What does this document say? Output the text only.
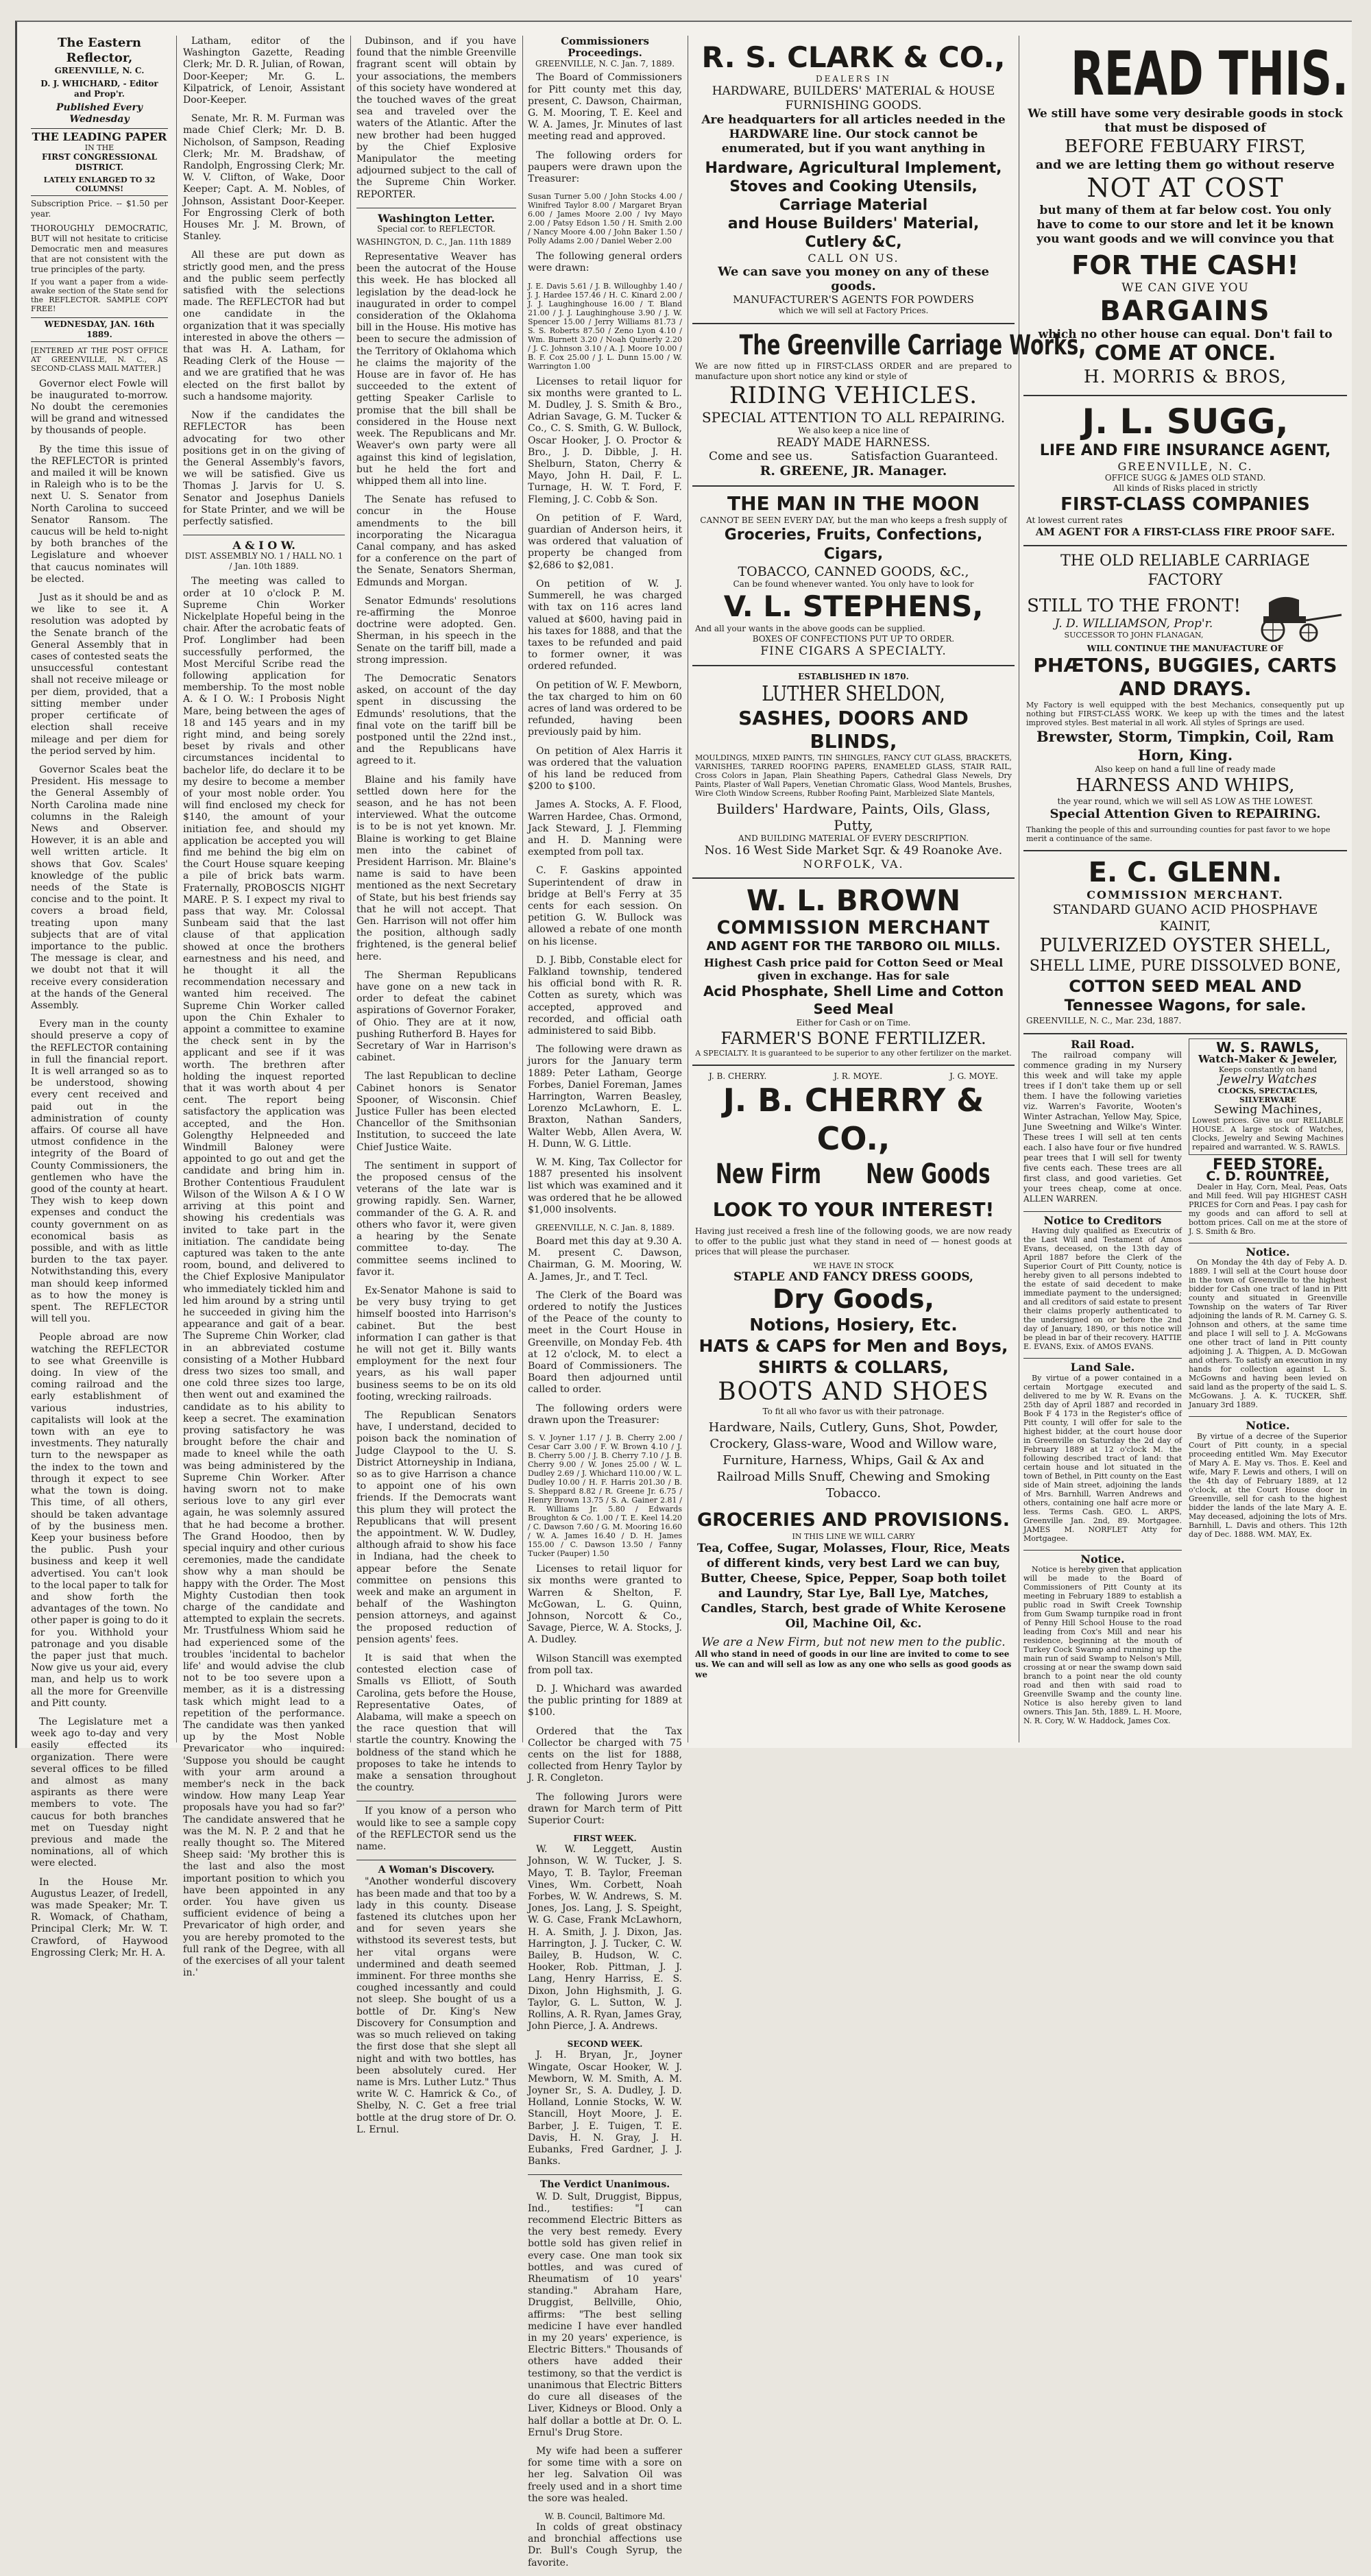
The Eastern Reflector,
GREENVILLE, N. C.
D. J. WHICHARD, - Editor and Prop'r.
Published Every Wednesday
THE LEADING PAPER
IN THE
FIRST CONGRESSIONAL DISTRICT.
LATELY ENLARGED TO 32 COLUMNS!
Subscription Price. -- $1.50 per year.
THOROUGHLY DEMOCRATIC, BUT will not hesitate to criticise Democratic men and measures that are not consistent with the true principles of the party.
If you want a paper from a wide-awake section of the State send for the REFLECTOR. SAMPLE COPY FREE!
WEDNESDAY, JAN. 16th 1889.
[ENTERED AT THE POST OFFICE AT GREENVILLE, N. C., AS SECOND-CLASS MAIL MATTER.]

Governor elect Fowle will be inaugurated to-morrow. No doubt the ceremonies will be grand and witnessed by thousands of people.

By the time this issue of the REFLECTOR is printed and mailed it will be known in Raleigh who is to be the next U. S. Senator from North Carolina to succeed Senator Ransom. The caucus will be held to-night by both branches of the Legislature and whoever that caucus nominates will be elected.

Just as it should be and as we like to see it. A resolution was adopted by the Senate branch of the General Assembly that in cases of contested seats the unsuccessful contestant shall not receive mileage or per diem, provided, that a sitting member under proper certificate of election shall receive mileage and per diem for the period served by him.

Governor Scales beat the President. His message to the General Assembly of North Carolina made nine columns in the Raleigh News and Observer. However, it is an able and well written article. It shows that Gov. Scales' knowledge of the public needs of the State is concise and to the point. It covers a broad field, treating upon many subjects that are of vital importance to the public. The message is clear, and we doubt not that it will receive every consideration at the hands of the General Assembly.

Every man in the county should preserve a copy of the REFLECTOR containing in full the financial report. It is well arranged so as to be understood, showing every cent received and paid out in the administration of county affairs. Of course all have utmost confidence in the integrity of the Board of County Commissioners, the gentlemen who have the good of the county at heart. They wish to keep down expenses and conduct the county government on as economical basis as possible, and with as little burden to the tax payer. Notwithstanding this, every man should keep informed as to how the money is spent. The REFLECTOR will tell you.

People abroad are now watching the REFLECTOR to see what Greenville is doing. In view of the coming railroad and the early establishment of various industries, capitalists will look at the town with an eye to investments. They naturally turn to the newspaper as the index to the town and through it expect to see what the town is doing. This time, of all others, should be taken advantage of by the business men. Keep your business before the public. Push your business and keep it well advertised. You can't look to the local paper to talk for and show forth the advantages of the town. No other paper is going to do it for you. Withhold your patronage and you disable the paper just that much. Now give us your aid, every man, and help us to work all the more for Greenville and Pitt county.

The Legislature met a week ago to-day and very easily effected its organization. There were several offices to be filled and almost as many aspirants as there were members to vote. The caucus for both branches met on Tuesday night previous and made the nominations, all of which were elected.

In the House Mr. Augustus Leazer, of Iredell, was made Speaker; Mr. T. R. Womack, of Chatham, Principal Clerk; Mr. W. T. Crawford, of Haywood Engrossing Clerk; Mr. H. A.

Latham, editor of the Washington Gazette, Reading Clerk; Mr. D. R. Julian, of Rowan, Door-Keeper; Mr. G. L. Kilpatrick, of Lenoir, Assistant Door-Keeper.

Senate, Mr. R. M. Furman was made Chief Clerk; Mr. D. B. Nicholson, of Sampson, Reading Clerk; Mr. M. Bradshaw, of Randolph, Engrossing Clerk; Mr. W. V. Clifton, of Wake, Door Keeper; Capt. A. M. Nobles, of Johnson, Assistant Door-Keeper. For Engrossing Clerk of both Houses Mr. J. M. Brown, of Stanley.

All these are put down as strictly good men, and the press and the public seem perfectly satisfied with the selections made. The REFLECTOR had but one candidate in the organization that it was specially interested in above the others — that was H. A. Latham, for Reading Clerk of the House — and we are gratified that he was elected on the first ballot by such a handsome majority.

Now if the candidates the REFLECTOR has been advocating for two other positions get in on the giving of the General Assembly's favors, we will be satisfied. Give us Thomas J. Jarvis for U. S. Senator and Josephus Daniels for State Printer, and we will be perfectly satisfied.

A & I O W.
DIST. ASSEMBLY NO. 1 / HALL NO. 1 / Jan. 10th 1889.

The meeting was called to order at 10 o'clock P. M. Supreme Chin Worker Nickelplate Hopeful being in the chair. After the acrobatic feats of Prof. Longlimber had been successfully performed, the Most Merciful Scribe read the following application for membership. To the most noble A. & I O. W.: I Probosis Night Mare, being between the ages of 18 and 145 years and in my right mind, and being sorely beset by rivals and other circumstances incidental to bachelor life, do declare it to be my desire to become a member of your most noble order. You will find enclosed my check for $140, the amount of your initiation fee, and should my application be accepted you will find me behind the big elm on the Court House square keeping a pile of brick bats warm. Fraternally, PROBOSCIS NIGHT MARE. P. S. I expect my rival to pass that way. Mr. Colossal Sunbeam said that the last clause of that application showed at once the brothers earnestness and his need, and he thought it all the recommendation necessary and wanted him received. The Supreme Chin Worker called upon the Chin Exhaler to appoint a committee to examine the check sent in by the applicant and see if it was worth. The brethren after holding the inquest reported that it was worth about 4 per cent. The report being satisfactory the application was accepted, and the Hon. Golengthy Helpneeded and Windmill Baloney were appointed to go out and get the candidate and bring him in. Brother Contentious Fraudulent Wilson of the Wilson A & I O W arriving at this point and showing his credentials was invited to take part in the initiation. The candidate being captured was taken to the ante room, bound, and delivered to the Chief Explosive Manipulator who immediately tickled him and led him around by a string until he succeeded in giving him the appearance and gait of a bear. The Supreme Chin Worker, clad in an abbreviated costume consisting of a Mother Hubbard dress two sizes too small, and one cold three sizes too large, then went out and examined the candidate as to his ability to keep a secret. The examination proving satisfactory he was brought before the chair and made to kneel while the oath was being administered by the Supreme Chin Worker. After having sworn not to make serious love to any girl ever again, he was solemnly assured that he had become a brother. The Grand Hoodoo, then by special inquiry and other curious ceremonies, made the candidate show why a man should be happy with the Order. The Most Mighty Custodian then took charge of the candidate and attempted to explain the secrets. Mr. Trustfulness Whiom said he had experienced some of the troubles 'incidental to bachelor life' and would advise the club not to be too severe upon a member, as it is a distressing task which might lead to a repetition of the performance. The candidate was then yanked up by the Most Noble Prevaricator who inquired: 'Suppose you should be caught with your arm around a member's neck in the back window. How many Leap Year proposals have you had so far?' The candidate answered that he was the M. N. P. 2 and that he really thought so. The Mitered Sheep said: 'My brother this is the last and also the most important position to which you have been appointed in any order. You have given us sufficient evidence of being a Prevaricator of high order, and you are hereby promoted to the full rank of the Degree, with all of the exercises of all your talent in.'

Dubinson, and if you have found that the nimble Greenville fragrant scent will obtain by your associations, the members of this society have wondered at the touched waves of the great sea and traveled over the waters of the Atlantic. After the new brother had been hugged by the Chief Explosive Manipulator the meeting adjourned subject to the call of the Supreme Chin Worker. REPORTER.

Washington Letter.
Special cor. to REFLECTOR.
WASHINGTON, D. C., Jan. 11th 1889

Representative Weaver has been the autocrat of the House this week. He has blocked all legislation by the dead-lock he inaugurated in order to compel consideration of the Oklahoma bill in the House. His motive has been to secure the admission of the Territory of Oklahoma which he claims the majority of the House are in favor of. He has succeeded to the extent of getting Speaker Carlisle to promise that the bill shall be considered in the House next week. The Republicans and Mr. Weaver's own party were all against this kind of legislation, but he held the fort and whipped them all into line.

The Senate has refused to concur in the House amendments to the bill incorporating the Nicaragua Canal company, and has asked for a conference on the part of the Senate, Senators Sherman, Edmunds and Morgan.

Senator Edmunds' resolutions re-affirming the Monroe doctrine were adopted. Gen. Sherman, in his speech in the Senate on the tariff bill, made a strong impression.

The Democratic Senators asked, on account of the day spent in discussing the Edmunds' resolutions, that the final vote on the tariff bill be postponed until the 22nd inst., and the Republicans have agreed to it.

Blaine and his family have settled down here for the season, and he has not been interviewed. What the outcome is to be is not yet known. Mr. Blaine is working to get Blaine men into the cabinet of President Harrison. Mr. Blaine's name is said to have been mentioned as the next Secretary of State, but his best friends say that he will not accept. That Gen. Harrison will not offer him the position, although sadly frightened, is the general belief here.

The Sherman Republicans have gone on a new tack in order to defeat the cabinet aspirations of Governor Foraker, of Ohio. They are at it now, pushing Rutherford B. Hayes for Secretary of War in Harrison's cabinet.

The last Republican to decline Cabinet honors is Senator Spooner, of Wisconsin. Chief Justice Fuller has been elected Chancellor of the Smithsonian Institution, to succeed the late Chief Justice Waite.

The sentiment in support of the proposed census of the veterans of the late war is growing rapidly. Sen. Warner, commander of the G. A. R. and others who favor it, were given a hearing by the Senate committee to-day. The committee seems inclined to favor it.

Ex-Senator Mahone is said to be very busy trying to get himself boosted into Harrison's cabinet. But the best information I can gather is that he will not get it. Billy wants employment for the next four years, as his wall paper business seems to be on its old footing, wrecking railroads.

The Republican Senators have, I understand, decided to poison back the nomination of Judge Claypool to the U. S. District Attorneyship in Indiana, so as to give Harrison a chance to appoint one of his own friends. If the Democrats want this plum they will protect the Republicans that will present the appointment. W. W. Dudley, although afraid to show his face in Indiana, had the cheek to appear before the Senate committee on pensions this week and make an argument in behalf of the Washington pension attorneys, and against the proposed reduction of pension agents' fees.

It is said that when the contested election case of Smalls vs Elliott, of South Carolina, gets before the House, Representative Oates, of Alabama, will make a speech on the race question that will startle the country. Knowing the boldness of the stand which he proposes to take he intends to make a sensation throughout the country.

If you know of a person who would like to see a sample copy of the REFLECTOR send us the name.

A Woman's Discovery.

"Another wonderful discovery has been made and that too by a lady in this county. Disease fastened its clutches upon her and for seven years she withstood its severest tests, but her vital organs were undermined and death seemed imminent. For three months she coughed incessantly and could not sleep. She bought of us a bottle of Dr. King's New Discovery for Consumption and was so much relieved on taking the first dose that she slept all night and with two bottles, has been absolutely cured. Her name is Mrs. Luther Lutz." Thus write W. C. Hamrick & Co., of Shelby, N. C. Get a free trial bottle at the drug store of Dr. O. L. Ernul.

Commissioners Proceedings.
GREENVILLE, N. C. Jan. 7, 1889.

The Board of Commissioners for Pitt county met this day, present, C. Dawson, Chairman, G. M. Mooring, T. E. Keel and W. A. James, Jr. Minutes of last meeting read and approved.

The following orders for paupers were drawn upon the Treasurer:

Susan Turner 5.00 / John Stocks 4.00 / Winifred Taylor 8.00 / Margaret Bryan 6.00 / James Moore 2.00 / Ivy Mayo 2.00 / Patsy Edson 1.50 / H. Smith 2.00 / Nancy Moore 4.00 / John Baker 1.50 / Polly Adams 2.00 / Daniel Weber 2.00

The following general orders were drawn:

J. E. Davis 5.61 / J. B. Willoughby 1.40 / J. J. Hardee 157.46 / H. C. Kinard 2.00 / J. J. Laughinghouse 16.00 / T. Bland 21.00 / J. J. Laughinghouse 3.90 / J. W. Spencer 15.00 / Jerry Williams 81.73 / S. S. Roberts 87.50 / Zeno Lyon 4.10 / Wm. Burnett 3.20 / Noah Quinerly 2.20 / J. C. Johnson 3.10 / A. J. Moore 10.00 / B. F. Cox 25.00 / J. L. Dunn 15.00 / W. Warrington 1.00

Licenses to retail liquor for six months were granted to L. M. Dudley, J. S. Smith & Bro., Adrian Savage, G. M. Tucker & Co., C. S. Smith, G. W. Bullock, Oscar Hooker, J. O. Proctor & Bro., J. D. Dibble, J. H. Shelburn, Staton, Cherry & Mayo, John H. Dail, F. L. Turnage, H. W. T. Ford, F. Fleming, J. C. Cobb & Son.

On petition of F. Ward, guardian of Anderson heirs, it was ordered that valuation of property be changed from $2,686 to $2,081.

On petition of W. J. Summerell, he was charged with tax on 116 acres land valued at $600, having paid in his taxes for 1888, and that the taxes to be refunded and paid to former owner, it was ordered refunded.

On petition of W. F. Mewborn, the tax charged to him on 60 acres of land was ordered to be refunded, having been previously paid by him.

On petition of Alex Harris it was ordered that the valuation of his land be reduced from $200 to $100.

James A. Stocks, A. F. Flood, Warren Hardee, Chas. Ormond, Jack Steward, J. J. Flemming and H. D. Manning were exempted from poll tax.

C. F. Gaskins appointed Superintendent of draw in bridge at Bell's Ferry at 35 cents for each session. On petition G. W. Bullock was allowed a rebate of one month on his license.

D. J. Bibb, Constable elect for Falkland township, tendered his official bond with R. R. Cotten as surety, which was accepted, approved and recorded, and official oath administered to said Bibb.

The following were drawn as jurors for the January term 1889: Peter Latham, George Forbes, Daniel Foreman, James Harrington, Warren Beasley, Lorenzo McLawhorn, E. L. Braxton, Nathan Sanders, Walter Webb, Allen Avera, W. H. Dunn, W. G. Little.

W. M. King, Tax Collector for 1887 presented his insolvent list which was examined and it was ordered that he be allowed $1,000 insolvents.

GREENVILLE, N. C. Jan. 8, 1889.

Board met this day at 9.30 A. M. present C. Dawson, Chairman, G. M. Mooring, W. A. James, Jr., and T. Tecl.

The Clerk of the Board was ordered to notify the Justices of the Peace of the county to meet in the Court House in Greenville, on Monday Feb. 4th at 12 o'clock, M. to elect a Board of Commissioners. The Board then adjourned until called to order.

The following orders were drawn upon the Treasurer:

S. V. Joyner 1.17 / J. B. Cherry 2.00 / Cesar Carr 3.00 / F. W. Brown 4.10 / J. B. Cherry 5.00 / J. B. Cherry 7.10 / J. B. Cherry 9.00 / W. Jones 25.00 / W. L. Dudley 2.69 / J. Whichard 110.00 / W. L. Dudley 10.00 / H. F. Harris 201.30 / B. S. Sheppard 8.82 / R. Greene Jr. 6.75 / Henry Brown 13.75 / S. A. Gainer 2.81 / R. Williams Jr. 5.80 / Edwards Broughton & Co. 1.00 / T. E. Keel 14.20 / C. Dawson 7.60 / G. M. Mooring 16.60 / W. A. James 16.40 / D. H. James 155.00 / C. Dawson 13.50 / Fanny Tucker (Pauper) 1.50

Licenses to retail liquor for six months were granted to Warren & Shelton, F. McGowan, L. G. Quinn, Johnson, Norcott & Co., Savage, Pierce, W. A. Stocks, J. A. Dudley.

Wilson Stancill was exempted from poll tax.

D. J. Whichard was awarded the public printing for 1889 at $100.

Ordered that the Tax Collector be charged with 75 cents on the list for 1888, collected from Henry Taylor by J. R. Congleton.

The following Jurors were drawn for March term of Pitt Superior Court:

FIRST WEEK.

W. W. Leggett, Austin Johnson, W. W. Tucker, J. S. Mayo, T. B. Taylor, Freeman Vines, Wm. Corbett, Noah Forbes, W. W. Andrews, S. M. Jones, Jos. Lang, J. S. Speight, W. G. Case, Frank McLawhorn, H. A. Smith, J. J. Dixon, Jas. Harrington, J. J. Tucker, C. W. Bailey, B. Hudson, W. C. Hooker, Rob. Pittman, J. J. Lang, Henry Harriss, E. S. Dixon, John Highsmith, J. G. Taylor, G. L. Sutton, W. J. Rollins, A. R. Ryan, James Gray, John Pierce, J. A. Andrews.

SECOND WEEK.

J. H. Bryan, Jr., Joyner Wingate, Oscar Hooker, W. J. Mewborn, W. M. Smith, A. M. Joyner Sr., S. A. Dudley, J. D. Holland, Lonnie Stocks, W. W. Stancill, Hoyt Moore, J. E. Barber, J. E. Tuigen, T. E. Davis, H. N. Gray, J. H. Eubanks, Fred Gardner, J. J. Banks.

The Verdict Unanimous.

W. D. Sult, Druggist, Bippus, Ind., testifies: "I can recommend Electric Bitters as the very best remedy. Every bottle sold has given relief in every case. One man took six bottles, and was cured of Rheumatism of 10 years' standing." Abraham Hare, Druggist, Bellville, Ohio, affirms: "The best selling medicine I have ever handled in my 20 years' experience, is Electric Bitters." Thousands of others have added their testimony, so that the verdict is unanimous that Electric Bitters do cure all diseases of the Liver, Kidneys or Blood. Only a half dollar a bottle at Dr. O. L. Ernul's Drug Store.

My wife had been a sufferer for some time with a sore on her leg. Salvation Oil was freely used and in a short time the sore was healed.

W. B. Council, Baltimore Md.

In colds of great obstinacy and bronchial affections use Dr. Bull's Cough Syrup, the favorite.

R. S. CLARK & CO.,
DEALERS IN
HARDWARE, BUILDERS' MATERIAL & HOUSE FURNISHING GOODS.
Are headquarters for all articles needed in the HARDWARE line. Our stock cannot be enumerated, but if you want anything in
Hardware, Agricultural Implement, Stoves and Cooking Utensils, Carriage Material
and House Builders' Material, Cutlery &C,
CALL ON US.
We can save you money on any of these goods.
MANUFACTURER'S AGENTS FOR POWDERS
which we will sell at Factory Prices.
The Greenville Carriage Works,
We are now fitted up in FIRST-CLASS ORDER and are prepared to manufacture upon short notice any kind or style of
RIDING VEHICLES.
SPECIAL ATTENTION TO ALL REPAIRING.
We also keep a nice line of
READY MADE HARNESS.
Come and see us.	Satisfaction Guaranteed.
R. GREENE, JR. Manager.
THE MAN IN THE MOON
CANNOT BE SEEN EVERY DAY, but the man who keeps a fresh supply of
Groceries, Fruits, Confections, Cigars,
TOBACCO, CANNED GOODS, &C.,
Can be found whenever wanted. You only have to look for
V. L. STEPHENS,
And all your wants in the above goods can be supplied.
BOXES OF CONFECTIONS PUT UP TO ORDER.
FINE CIGARS A SPECIALTY.
ESTABLISHED IN 1870.
LUTHER SHELDON,
SASHES, DOORS AND BLINDS,
MOULDINGS, MIXED PAINTS, TIN SHINGLES, FANCY CUT GLASS, BRACKETS, VARNISHES, TARRED ROOFING PAPERS, ENAMELED GLASS, STAIR RAIL, Cross Colors in Japan, Plain Sheathing Papers, Cathedral Glass Newels, Dry Paints, Plaster of Wall Papers, Venetian Chromatic Glass, Wood Mantels, Brushes, Wire Cloth Window Screens, Rubber Roofing Paint, Marbleized Slate Mantels,
Builders' Hardware, Paints, Oils, Glass, Putty,
AND BUILDING MATERIAL OF EVERY DESCRIPTION.
Nos. 16 West Side Market Sqr. & 49 Roanoke Ave.
NORFOLK, VA.
W. L. BROWN
COMMISSION MERCHANT
AND AGENT FOR THE TARBORO OIL MILLS.
Highest Cash price paid for Cotton Seed or Meal given in exchange. Has for sale
Acid Phosphate, Shell Lime and Cotton Seed Meal
Either for Cash or on Time.
FARMER'S BONE FERTILIZER.
A SPECIALTY. It is guaranteed to be superior to any other fertilizer on the market.
J. B. CHERRY.	J. R. MOYE.	J. G. MOYE.
J. B. CHERRY & CO.,
New Firm New Goods
LOOK TO YOUR INTEREST!
Having just received a fresh line of the following goods, we are now ready to offer to the public just what they stand in need of — honest goods at prices that will please the purchaser.
WE HAVE IN STOCK
STAPLE AND FANCY DRESS GOODS,
Dry Goods,
Notions, Hosiery, Etc.
HATS & CAPS for Men and Boys,
SHIRTS & COLLARS,
BOOTS AND SHOES
To fit all who favor us with their patronage.
Hardware, Nails, Cutlery, Guns, Shot, Powder, Crockery, Glass-ware, Wood and Willow ware, Furniture, Harness, Whips, Gail & Ax and Railroad Mills Snuff, Chewing and Smoking Tobacco.
GROCERIES AND PROVISIONS.
IN THIS LINE WE WILL CARRY
Tea, Coffee, Sugar, Molasses, Flour, Rice, Meats of different kinds, very best Lard we can buy, Butter, Cheese, Spice, Pepper, Soap both toilet and Laundry, Star Lye, Ball Lye, Matches, Candles, Starch, best grade of White Kerosene Oil, Machine Oil, &c.
We are a New Firm, but not new men to the public.
All who stand in need of goods in our line are invited to come to see us. We can and will sell as low as any one who sells as good goods as we
READ THIS.
We still have some very desirable goods in stock that must be disposed of
BEFORE FEBUARY FIRST,
and we are letting them go without reserve
NOT AT COST
but many of them at far below cost. You only have to come to our store and let it be known you want goods and we will convince you that
FOR THE CASH!
WE CAN GIVE YOU
BARGAINS
which no other house can equal. Don't fail to
COME AT ONCE.
H. MORRIS & BROS,
J. L. SUGG,
LIFE AND FIRE INSURANCE AGENT,
GREENVILLE, N. C.
OFFICE SUGG & JAMES OLD STAND.
All kinds of Risks placed in strictly
FIRST-CLASS COMPANIES
At lowest current rates
AM AGENT FOR A FIRST-CLASS FIRE PROOF SAFE.
THE OLD RELIABLE CARRIAGE FACTORY
STILL TO THE FRONT!
J. D. WILLIAMSON, Prop'r.
SUCCESSOR TO JOHN FLANAGAN,
WILL CONTINUE THE MANUFACTURE OF
PHÆTONS, BUGGIES, CARTS AND DRAYS.
My Factory is well equipped with the best Mechanics, consequently put up nothing but FIRST-CLASS WORK. We keep up with the times and the latest improved styles. Best material in all work. All styles of Springs are used.
Brewster, Storm, Timpkin, Coil, Ram Horn, King.
Also keep on hand a full line of ready made
HARNESS AND WHIPS,
the year round, which we will sell AS LOW AS THE LOWEST.
Special Attention Given to REPAIRING.
Thanking the people of this and surrounding counties for past favor to we hope merit a continuance of the same.
E. C. GLENN.
COMMISSION MERCHANT.
STANDARD GUANO ACID PHOSPHAVE KAINIT,
PULVERIZED OYSTER SHELL,
SHELL LIME, PURE DISSOLVED BONE,
COTTON SEED MEAL AND
Tennessee Wagons, for sale.
GREENVILLE, N. C., Mar. 23d, 1887.
Rail Road.

The railroad company will commence grading in my Nursery this week and will take my apple trees if I don't take them up or sell them. I have the following varieties viz. Warren's Favorite, Wooten's Winter Astrachan, Yellow May, Spice, June Sweetning and Wilke's Winter. These trees I will sell at ten cents each. I also have four or five hundred pear trees that I will sell for twenty five cents each. These trees are all first class, and good varieties. Get your trees cheap, come at once. ALLEN WARREN.

Notice to Creditors

Having duly qualified as Executrix of the Last Will and Testament of Amos Evans, deceased, on the 13th day of April 1887 before the Clerk of the Superior Court of Pitt County, notice is hereby given to all persons indebted to the estate of said decedent to make immediate payment to the undersigned; and all creditors of said estate to present their claims properly authenticated to the undersigned on or before the 2nd day of January, 1890, or this notice will be plead in bar of their recovery. HATTIE E. EVANS, Exix. of AMOS EVANS.

Land Sale.

By virtue of a power contained in a certain Mortgage executed and delivered to me by W. R. Evans on the 25th day of April 1887 and recorded in Book F 4 173 in the Register's office of Pitt county, I will offer for sale to the highest bidder, at the court house door in Greenville on Saturday the 2d day of February 1889 at 12 o'clock M. the following described tract of land: that certain house and lot situated in the town of Bethel, in Pitt county on the East side of Main street, adjoining the lands of Mrs. Barnhill, Warren Andrews and others, containing one half acre more or less. Terms Cash. GEO. L. ARPS, Greenville Jan. 2nd, 89. Mortgagee. JAMES M. NORFLET Atty for Mortgagee.

Notice.

Notice is hereby given that application will be made to the Board of Commissioners of Pitt County at its meeting in February 1889 to establish a public road in Swift Creek Township from Gum Swamp turnpike road in front of Penny Hill School House to the road leading from Cox's Mill and near his residence, beginning at the mouth of Turkey Cock Swamp and running up the main run of said Swamp to Nelson's Mill, crossing at or near the swamp down said branch to a point near the old county road and then with said road to Greenville Swamp and the county line. Notice is also hereby given to land owners. This Jan. 5th, 1889. L. H. Moore, N. R. Cory, W. W. Haddock, James Cox.

W. S. RAWLS,
Watch-Maker & Jeweler,
Keeps constantly on hand
Jewelry Watches
CLOCKS, SPECTACLES, SILVERWARE
Sewing Machines,
Lowest prices. Give us our RELIABLE HOUSE. A large stock of Watches, Clocks, Jewelry and Sewing Machines repaired and warranted. W. S. RAWLS.
FEED STORE.
C. D. ROUNTREE,

Dealer in Hay, Corn, Meal, Peas, Oats and Mill feed. Will pay HIGHEST CASH PRICES for Corn and Peas. I pay cash for my goods and can afford to sell at bottom prices. Call on me at the store of J. S. Smith & Bro.

Notice.

On Monday the 4th day of Feby A. D. 1889. I will sell at the Court house door in the town of Greenville to the highest bidder for Cash one tract of land in Pitt county and situated in Greenville Township on the waters of Tar River adjoining the lands of R. M. Carney G. S. Johnson and others, at the same time and place I will sell to J. A. McGowans one other tract of land in Pitt county adjoining J. A. Thigpen, A. D. McGowan and others. To satisfy an execution in my hands for collection against L. S. McGowns and having been levied on said land as the property of the said L. S. McGowans. J. A. K. TUCKER, Shff. January 3rd 1889.

Notice.

By virtue of a decree of the Superior Court of Pitt county, in a special proceeding entitled Wm. May Executor of Mary A. E. May vs. Thos. E. Keel and wife, Mary F. Lewis and others, I will on the 4th day of February 1889, at 12 o'clock, at the Court House door in Greenville, sell for cash to the highest bidder the lands of the late Mary A. E. May deceased, adjoining the lots of Mrs. Barnhill, L. Davis and others. This 12th day of Dec. 1888. WM. MAY, Ex.
